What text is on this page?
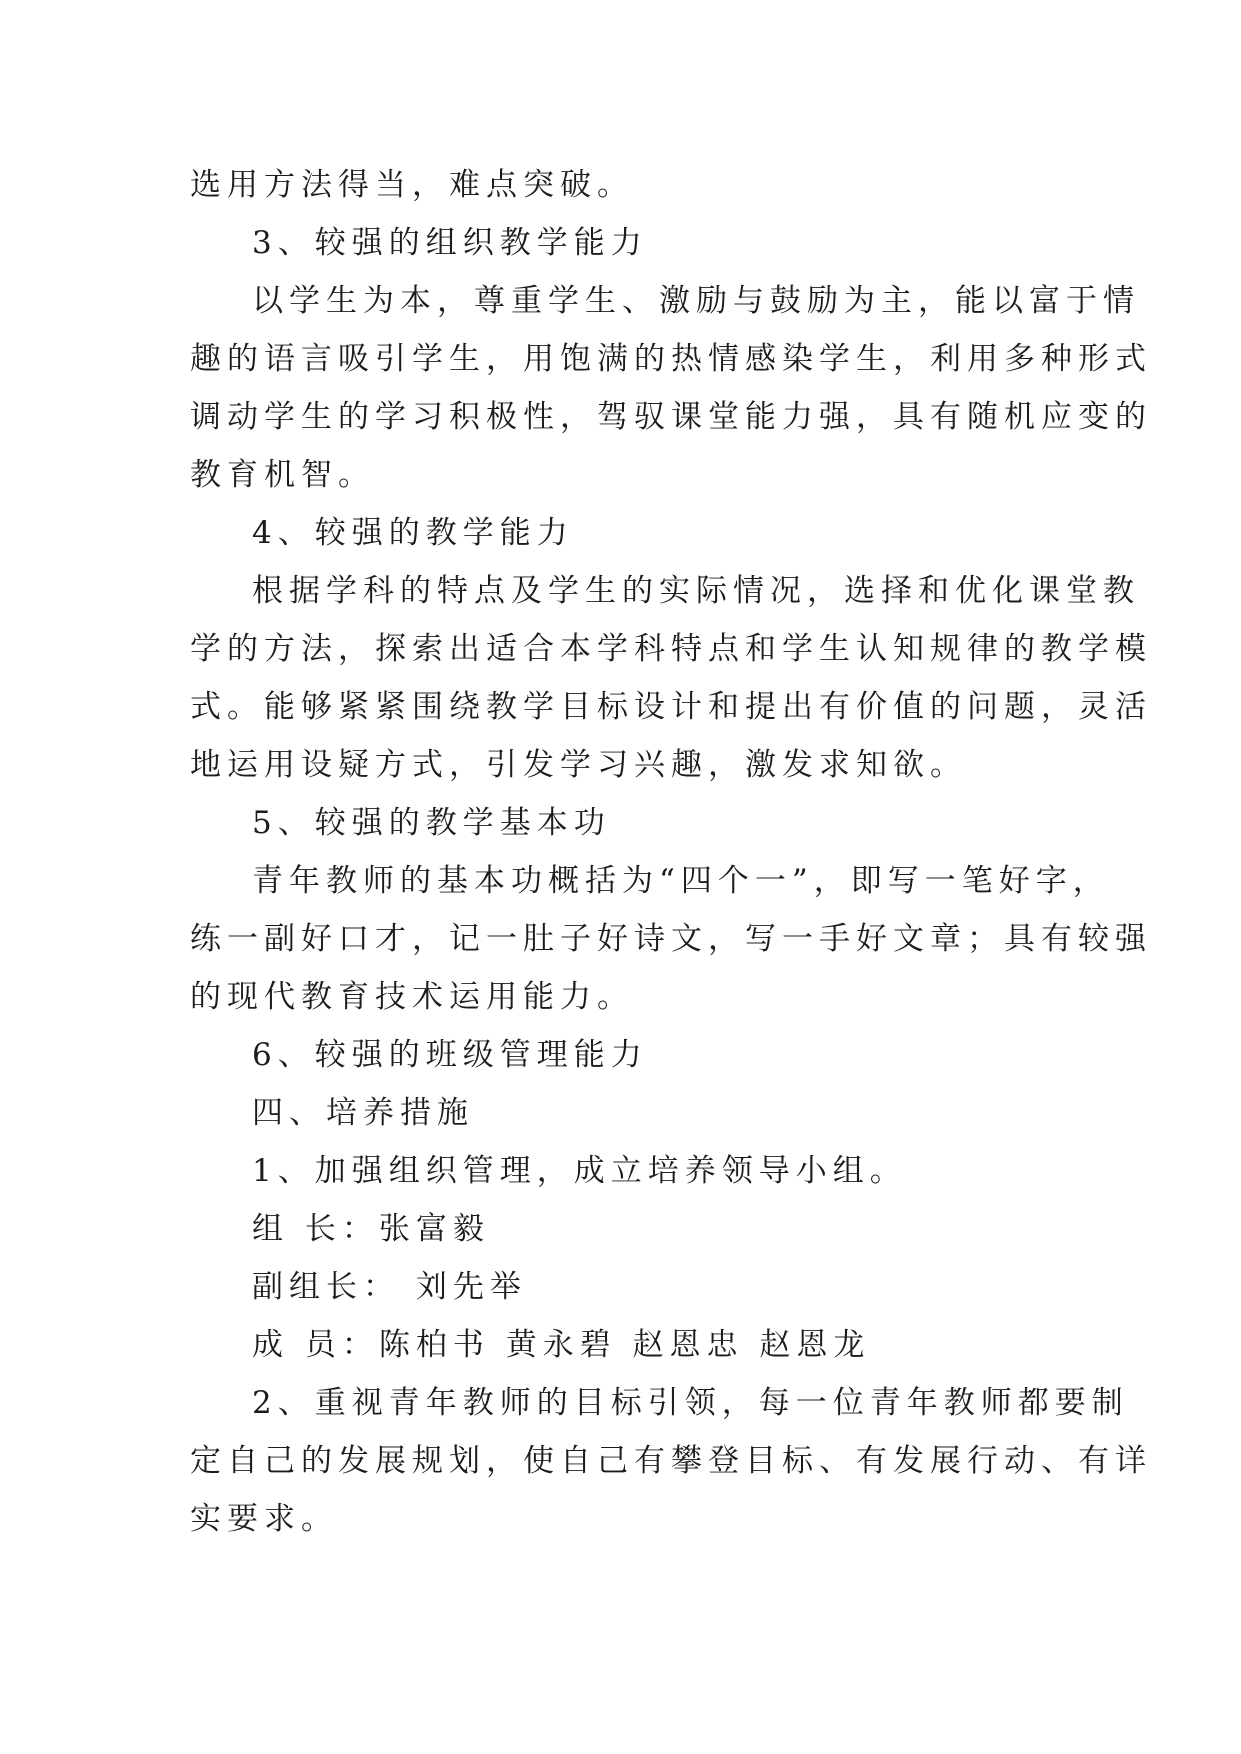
选用方法得当，难点突破。
3、较强的组织教学能力
以学生为本，尊重学生、激励与鼓励为主，能以富于情
趣的语言吸引学生，用饱满的热情感染学生，利用多种形式
调动学生的学习积极性，驾驭课堂能力强，具有随机应变的
教育机智。
4、较强的教学能力
根据学科的特点及学生的实际情况，选择和优化课堂教
学的方法，探索出适合本学科特点和学生认知规律的教学模
式。能够紧紧围绕教学目标设计和提出有价值的问题，灵活
地运用设疑方式，引发学习兴趣，激发求知欲。
5、较强的教学基本功
青年教师的基本功概括为“四个一”，即写一笔好字，
练一副好口才，记一肚子好诗文，写一手好文章；具有较强
的现代教育技术运用能力。
6、较强的班级管理能力
四、培养措施
1、加强组织管理，成立培养领导小组。
组 长：张富毅
副组长： 刘先举
成 员：陈柏书 黄永碧 赵恩忠 赵恩龙
2、重视青年教师的目标引领，每一位青年教师都要制
定自己的发展规划，使自己有攀登目标、有发展行动、有详
实要求。
